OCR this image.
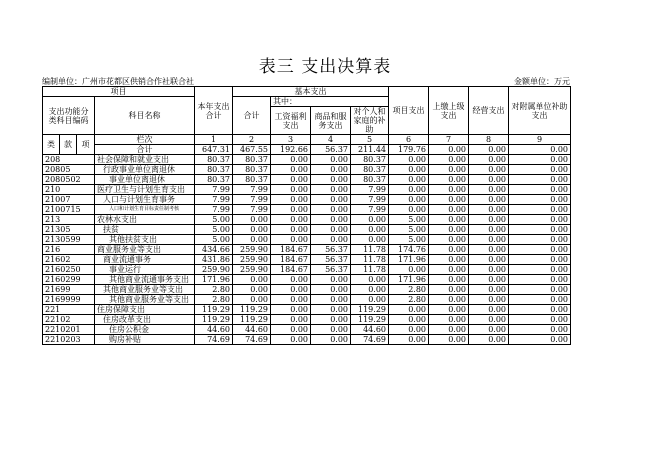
表三 支出决算表
编制单位：广州市花都区供销合作社联合社	金额单位：万元
项目				本年支出合计	基本支出				项目支出	上缴上级支出	经营支出	对附属单位补助支出
支出功能分类科目编码			科目名称		合计	其中：						
						工资福利支出	商品和服务支出	对个人和家庭的补助				
类	款	项	栏次	1	2	3	4	5	6	7	8	9
			合计	647.31	467.55	192.66	56.37	211.44	179.76	0.00	0.00	0.00
208			社会保障和就业支出	80.37	80.37	0.00	0.00	80.37	0.00	0.00	0.00	0.00
20805			行政事业单位离退休	80.37	80.37	0.00	0.00	80.37	0.00	0.00	0.00	0.00
2080502			事业单位离退休	80.37	80.37	0.00	0.00	80.37	0.00	0.00	0.00	0.00
210			医疗卫生与计划生育支出	7.99	7.99	0.00	0.00	7.99	0.00	0.00	0.00	0.00
21007			人口与计划生育事务	7.99	7.99	0.00	0.00	7.99	0.00	0.00	0.00	0.00
2100715			人口和计划生育目标责任制考核	7.99	7.99	0.00	0.00	7.99	0.00	0.00	0.00	0.00
213			农林水支出	5.00	0.00	0.00	0.00	0.00	5.00	0.00	0.00	0.00
21305			扶贫	5.00	0.00	0.00	0.00	0.00	5.00	0.00	0.00	0.00
2130599			其他扶贫支出	5.00	0.00	0.00	0.00	0.00	5.00	0.00	0.00	0.00
216			商业服务业等支出	434.66	259.90	184.67	56.37	11.78	174.76	0.00	0.00	0.00
21602			商业流通事务	431.86	259.90	184.67	56.37	11.78	171.96	0.00	0.00	0.00
2160250			事业运行	259.90	259.90	184.67	56.37	11.78	0.00	0.00	0.00	0.00
2160299			其他商业流通事务支出	171.96	0.00	0.00	0.00	0.00	171.96	0.00	0.00	0.00
21699			其他商业服务业等支出	2.80	0.00	0.00	0.00	0.00	2.80	0.00	0.00	0.00
2169999			其他商业服务业等支出	2.80	0.00	0.00	0.00	0.00	2.80	0.00	0.00	0.00
221			住房保障支出	119.29	119.29	0.00	0.00	119.29	0.00	0.00	0.00	0.00
22102			住房改革支出	119.29	119.29	0.00	0.00	119.29	0.00	0.00	0.00	0.00
2210201			住房公积金	44.60	44.60	0.00	0.00	44.60	0.00	0.00	0.00	0.00
2210203			购房补贴	74.69	74.69	0.00	0.00	74.69	0.00	0.00	0.00	0.00
